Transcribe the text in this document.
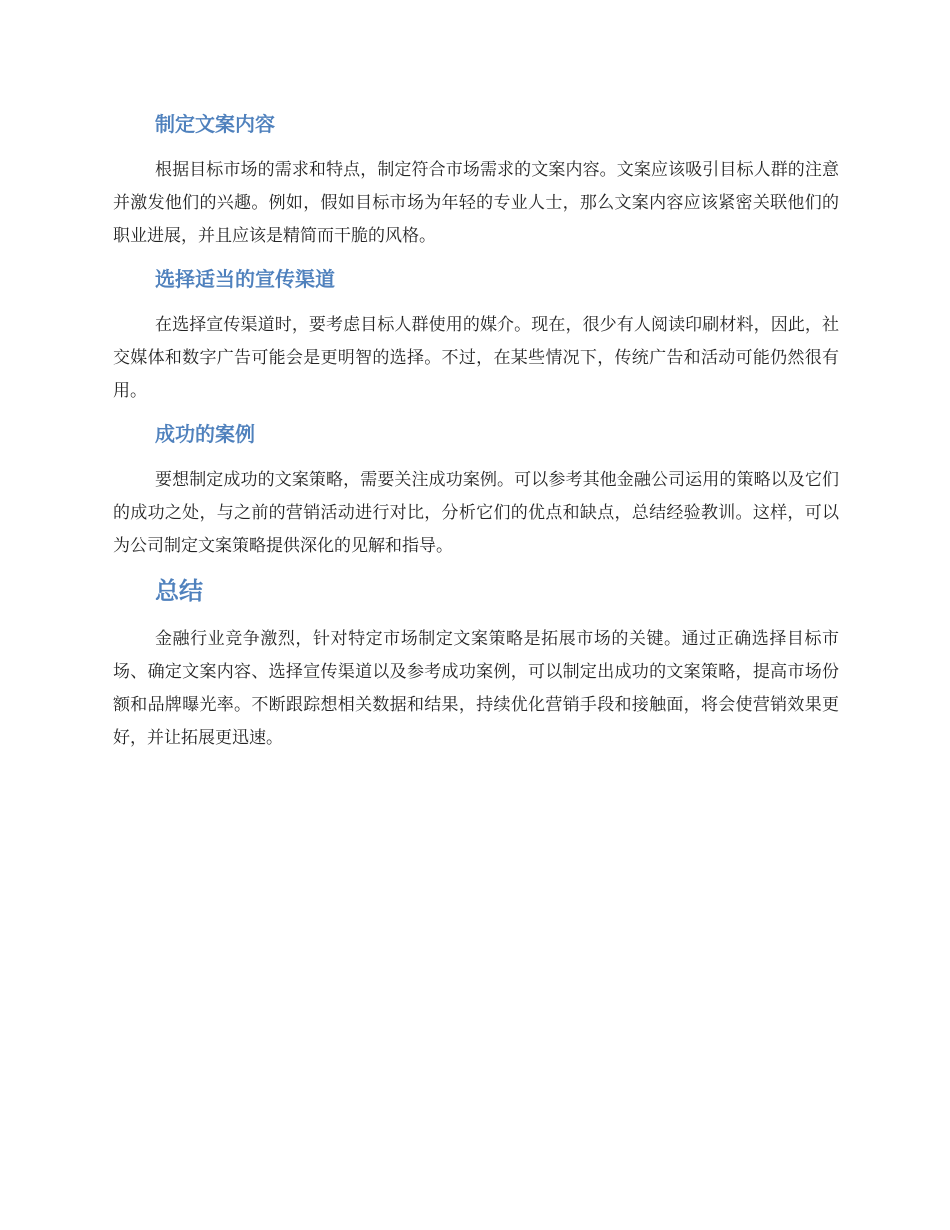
制定文案内容

根据目标市场的需求和特点，制定符合市场需求的文案内容。文案应该吸引目标人群的注意并激发他们的兴趣。例如，假如目标市场为年轻的专业人士，那么文案内容应该紧密关联他们的职业进展，并且应该是精简而干脆的风格。

选择适当的宣传渠道

在选择宣传渠道时，要考虑目标人群使用的媒介。现在，很少有人阅读印刷材料，因此，社交媒体和数字广告可能会是更明智的选择。不过，在某些情况下，传统广告和活动可能仍然很有用。

成功的案例

要想制定成功的文案策略，需要关注成功案例。可以参考其他金融公司运用的策略以及它们的成功之处，与之前的营销活动进行对比，分析它们的优点和缺点，总结经验教训。这样，可以为公司制定文案策略提供深化的见解和指导。

总结

金融行业竞争激烈，针对特定市场制定文案策略是拓展市场的关键。通过正确选择目标市场、确定文案内容、选择宣传渠道以及参考成功案例，可以制定出成功的文案策略，提高市场份额和品牌曝光率。不断跟踪想相关数据和结果，持续优化营销手段和接触面，将会使营销效果更好，并让拓展更迅速。
